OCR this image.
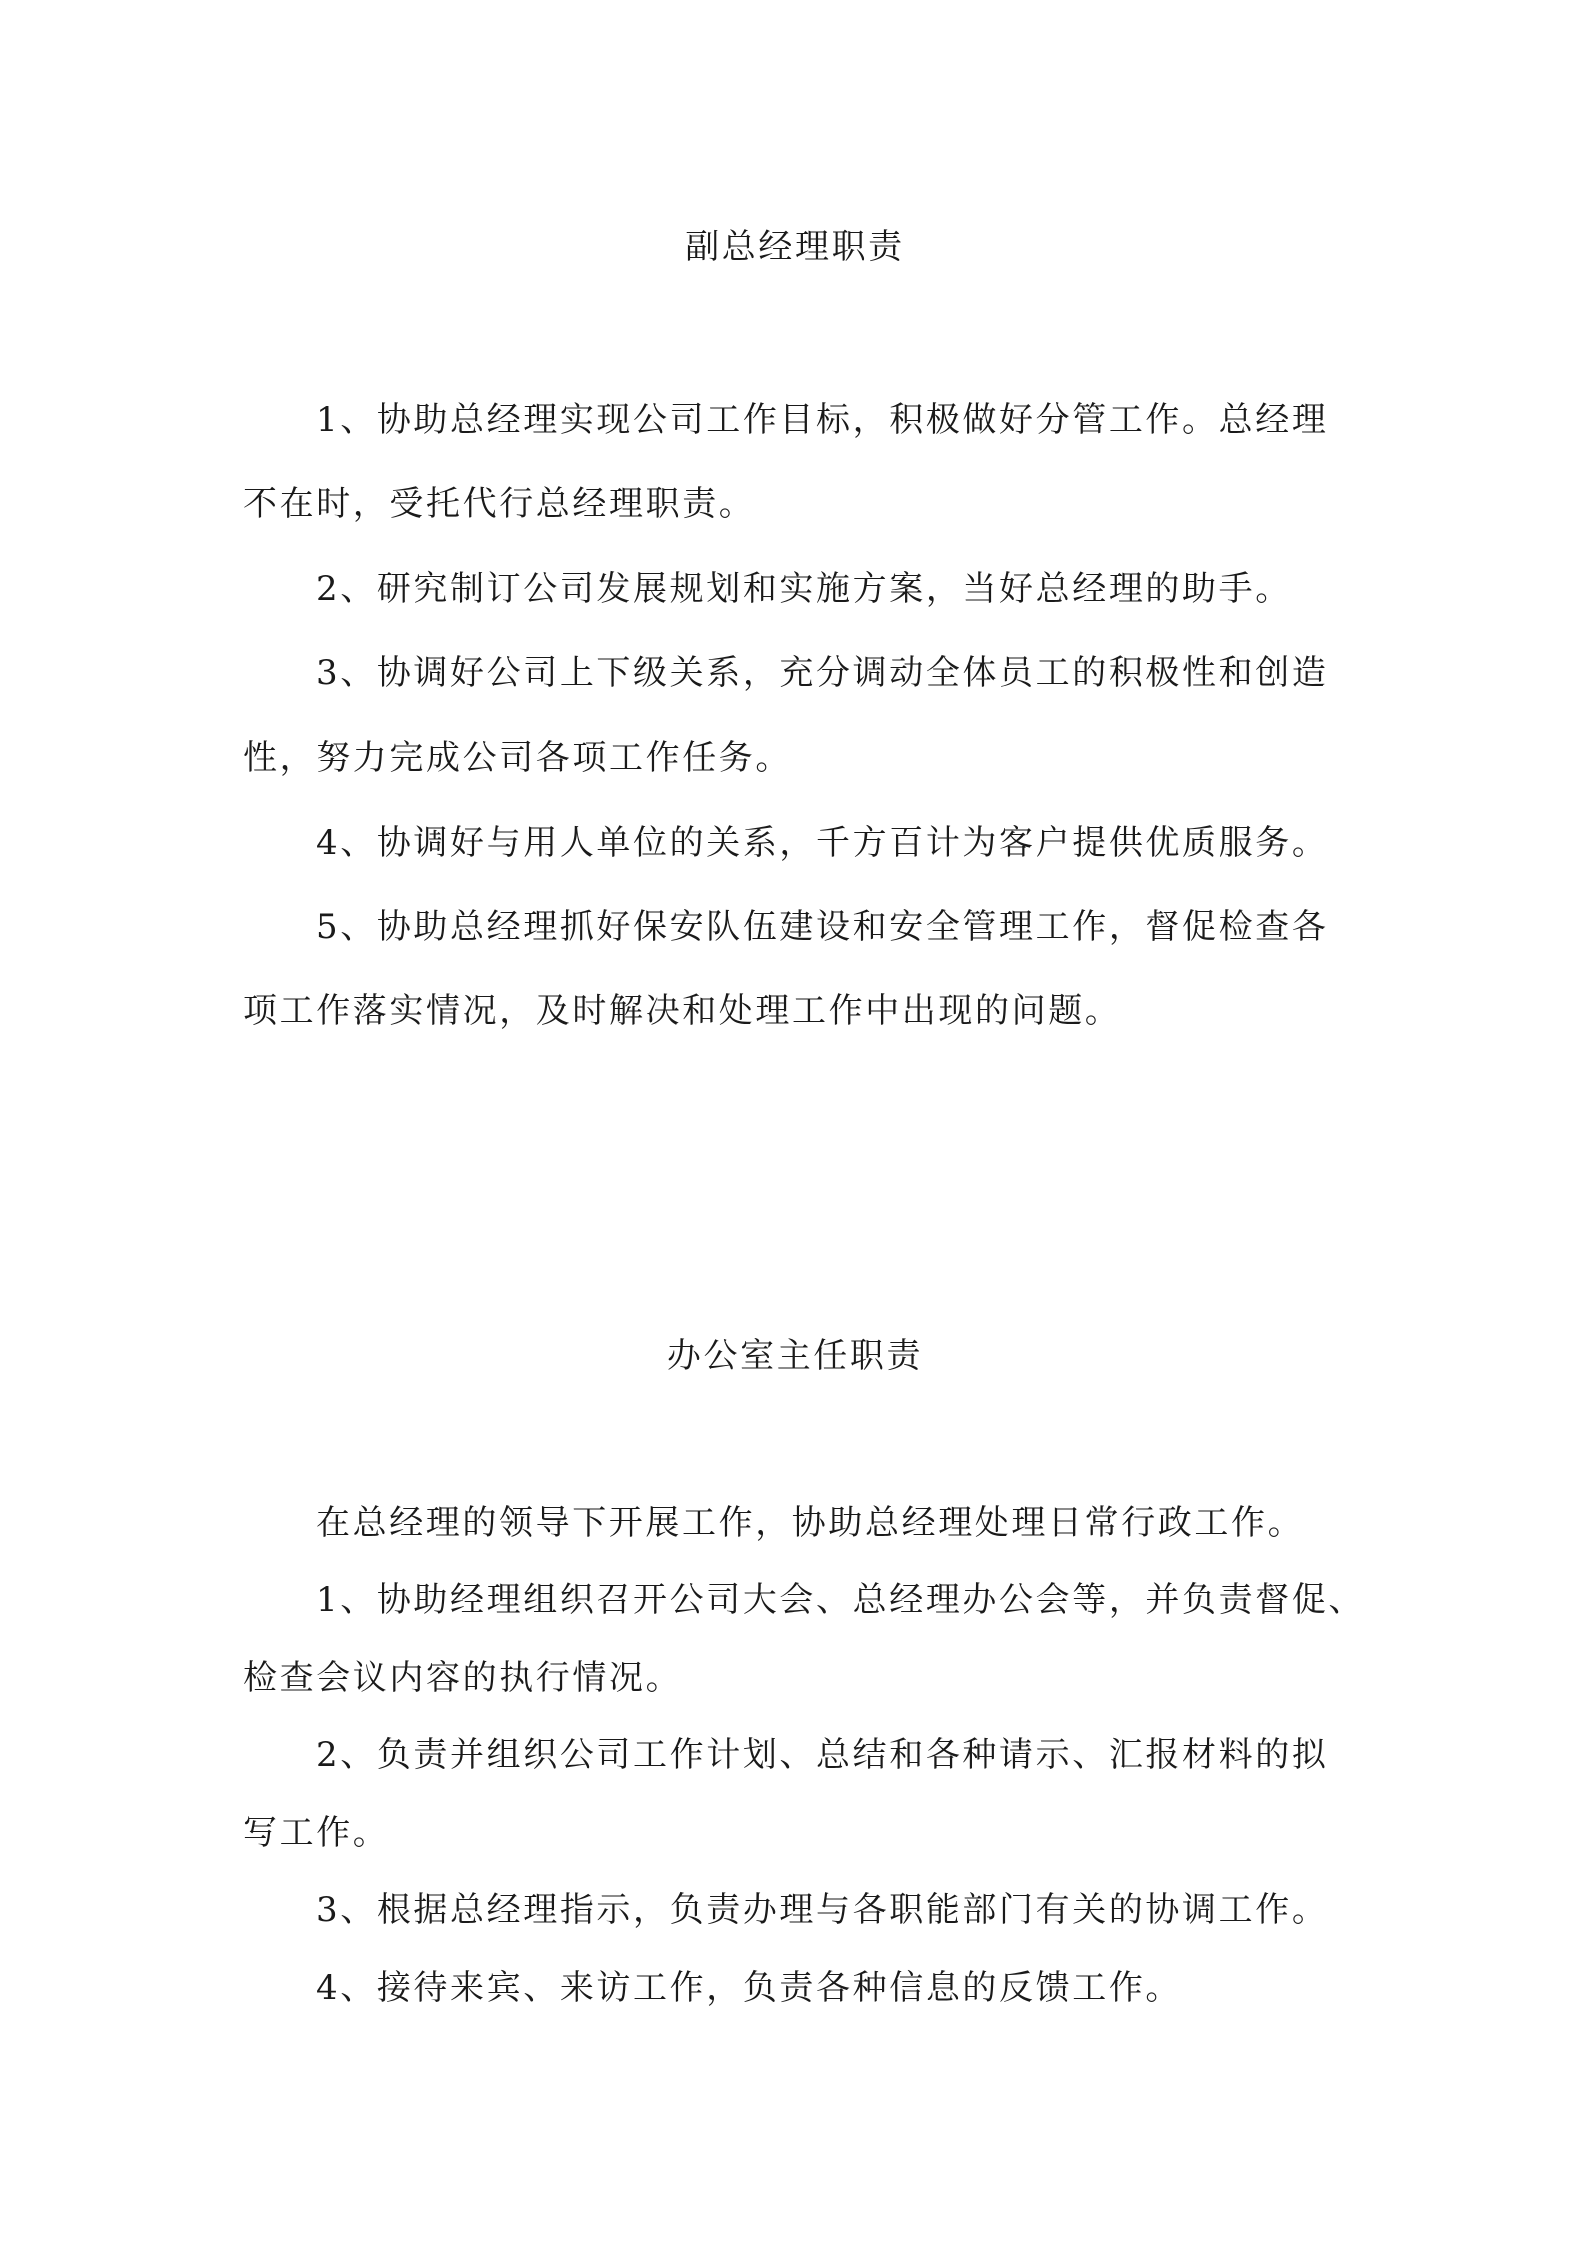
副总经理职责
1、协助总经理实现公司工作目标，积极做好分管工作。总经理
不在时，受托代行总经理职责。
2、研究制订公司发展规划和实施方案，当好总经理的助手。
3、协调好公司上下级关系，充分调动全体员工的积极性和创造
性，努力完成公司各项工作任务。
4、协调好与用人单位的关系，千方百计为客户提供优质服务。
5、协助总经理抓好保安队伍建设和安全管理工作，督促检查各
项工作落实情况，及时解决和处理工作中出现的问题。
办公室主任职责
在总经理的领导下开展工作，协助总经理处理日常行政工作。
1、协助经理组织召开公司大会、总经理办公会等，并负责督促、
检查会议内容的执行情况。
2、负责并组织公司工作计划、总结和各种请示、汇报材料的拟
写工作。
3、根据总经理指示，负责办理与各职能部门有关的协调工作。
4、接待来宾、来访工作，负责各种信息的反馈工作。
